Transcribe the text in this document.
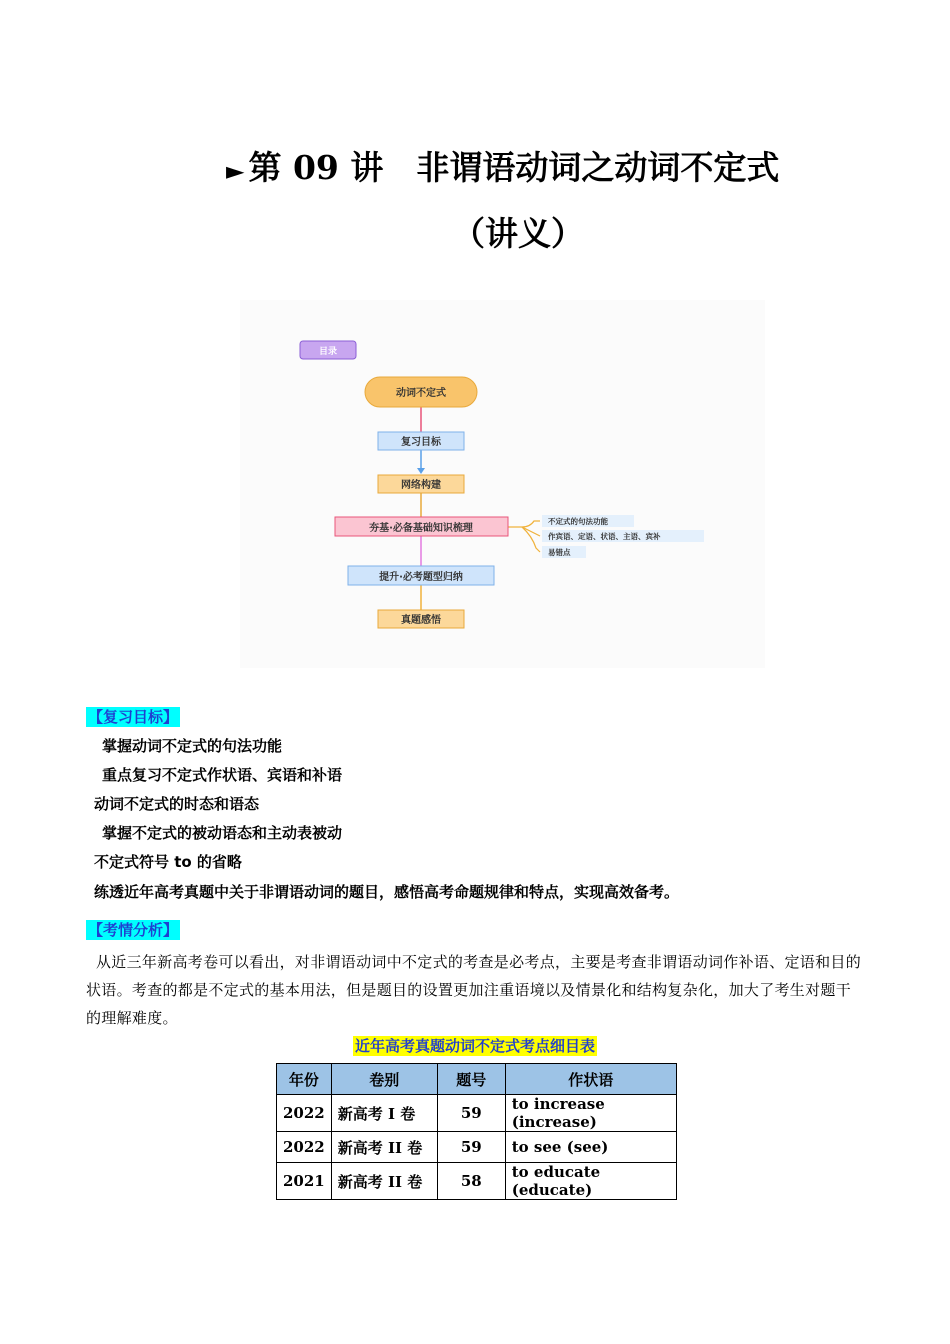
► 第 09 讲　非谓语动词之动词不定式
（讲义）
目录
动词不定式
复习目标
网络构建
夯基·必备基础知识梳理
提升·必考题型归纳
真题感悟
不定式的句法功能
作宾语、定语、状语、主语、宾补
易错点
【复习目标】
掌握动词不定式的句法功能
重点复习不定式作状语、宾语和补语
动词不定式的时态和语态
掌握不定式的被动语态和主动表被动
不定式符号 to 的省略
练透近年高考真题中关于非谓语动词的题目，感悟高考命题规律和特点，实现高效备考。
【考情分析】
从近三年新高考卷可以看出，对非谓语动词中不定式的考查是必考点，主要是考查非谓语动词作补语、定语和目的状语。考查的都是不定式的基本用法，但是题目的设置更加注重语境以及情景化和结构复杂化，加大了考生对题干的理解难度。
近年高考真题动词不定式考点细目表
年份	卷别	题号	作状语
2022	新高考 I 卷	59	to increase (increase)
2022	新高考 II 卷	59	to see (see)
2021	新高考 II 卷	58	to educate (educate)
